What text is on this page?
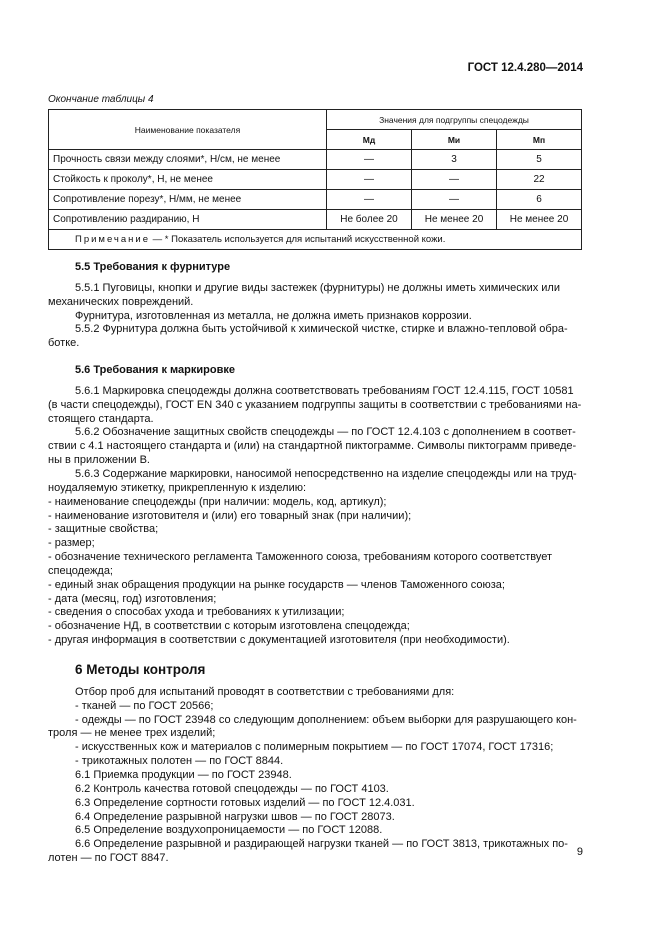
ГОСТ 12.4.280—2014
Окончание таблицы 4
Наименование показателя	Значения для подгруппы спецодежды		
	Мд	Ми	Мп
Прочность связи между слоями*, Н/см, не менее	—	3	5
Стойкость к проколу*, Н, не менее	—	—	22
Сопротивление порезу*, Н/мм, не менее	—	—	6
Сопротивлению раздиранию, Н	Не более 20	Не менее 20	Не менее 20
Примечание — * Показатель используется для испытаний искусственной кожи.			

5.5 Требования к фурнитуре

5.5.1 Пуговицы, кнопки и другие виды застежек (фурнитуры) не должны иметь химических или

механических повреждений.

Фурнитура, изготовленная из металла, не должна иметь признаков коррозии.

5.5.2 Фурнитура должна быть устойчивой к химической чистке, стирке и влажно-тепловой обра-

ботке.

5.6 Требования к маркировке

5.6.1 Маркировка спецодежды должна соответствовать требованиям ГОСТ 12.4.115, ГОСТ 10581

(в части спецодежды), ГОСТ EN 340 с указанием подгруппы защиты в соответствии с требованиями на-

стоящего стандарта.

5.6.2 Обозначение защитных свойств спецодежды — по ГОСТ 12.4.103 с дополнением в соответ-

ствии с 4.1 настоящего стандарта и (или) на стандартной пиктограмме. Символы пиктограмм приведе-

ны в приложении В.

5.6.3 Содержание маркировки, наносимой непосредственно на изделие спецодежды или на труд-

ноудаляемую этикетку, прикрепленную к изделию:

- наименование спецодежды (при наличии: модель, код, артикул);

- наименование изготовителя и (или) его товарный знак (при наличии);

- защитные свойства;

- размер;

- обозначение технического регламента Таможенного союза, требованиям которого соответствует

спецодежда;

- единый знак обращения продукции на рынке государств — членов Таможенного союза;

- дата (месяц, год) изготовления;

- сведения о способах ухода и требованиях к утилизации;

- обозначение НД, в соответствии с которым изготовлена спецодежда;

- другая информация в соответствии с документацией изготовителя (при необходимости).

6 Методы контроля

Отбор проб для испытаний проводят в соответствии с требованиями для:

- тканей — по ГОСТ 20566;

- одежды — по ГОСТ 23948 со следующим дополнением: объем выборки для разрушающего кон-

троля — не менее трех изделий;

- искусственных кож и материалов с полимерным покрытием — по ГОСТ 17074, ГОСТ 17316;

- трикотажных полотен — по ГОСТ 8844.

6.1 Приемка продукции — по ГОСТ 23948.

6.2 Контроль качества готовой спецодежды — по ГОСТ 4103.

6.3 Определение сортности готовых изделий — по ГОСТ 12.4.031.

6.4 Определение разрывной нагрузки швов — по ГОСТ 28073.

6.5 Определение воздухопроницаемости — по ГОСТ 12088.

6.6 Определение разрывной и раздирающей нагрузки тканей — по ГОСТ 3813, трикотажных по-

лотен — по ГОСТ 8847.

9
